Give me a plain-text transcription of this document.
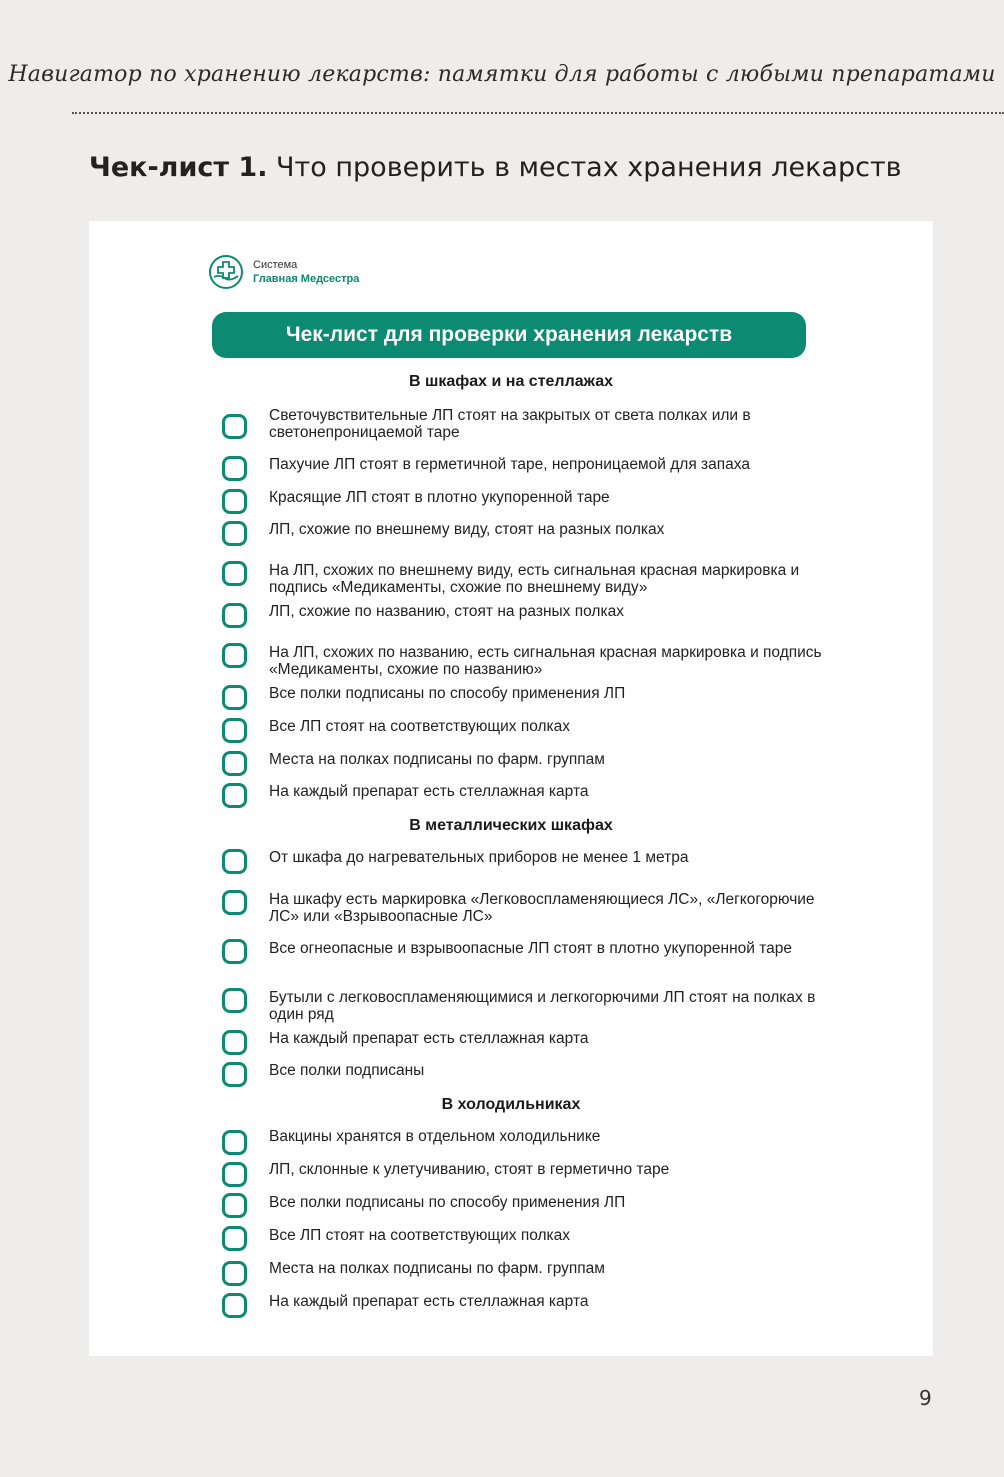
Навигатор по хранению лекарств: памятки для работы с любыми препаратами
Чек-лист 1. Что проверить в местах хранения лекарств
Система
Главная Медсестра
Чек-лист для проверки хранения лекарств
В шкафах и на стеллажах
Светочувствительные ЛП стоят на закрытых от света полках или в светонепроницаемой таре
Пахучие ЛП стоят в герметичной таре, непроницаемой для запаха
Красящие ЛП стоят в плотно укупоренной таре
ЛП, схожие по внешнему виду, стоят на разных полках
На ЛП, схожих по внешнему виду, есть сигнальная красная маркировка и подпись «Медикаменты, схожие по внешнему виду»
ЛП, схожие по названию, стоят на разных полках
На ЛП, схожих по названию, есть сигнальная красная маркировка и подпись «Медикаменты, схожие по названию»
Все полки подписаны по способу применения ЛП
Все ЛП стоят на соответствующих полках
Места на полках подписаны по фарм. группам
На каждый препарат есть стеллажная карта
В металлических шкафах
От шкафа до нагревательных приборов не менее 1 метра
На шкафу есть маркировка «Легковоспламеняющиеся ЛС», «Легкогорючие ЛС» или «Взрывоопасные ЛС»
Все огнеопасные и взрывоопасные ЛП стоят в плотно укупоренной таре
Бутыли с легковоспламеняющимися и легкогорючими ЛП стоят на полках в один ряд
На каждый препарат есть стеллажная карта
Все полки подписаны
В холодильниках
Вакцины хранятся в отдельном холодильнике
ЛП, склонные к улетучиванию, стоят в герметично таре
Все полки подписаны по способу применения ЛП
Все ЛП стоят на соответствующих полках
Места на полках подписаны по фарм. группам
На каждый препарат есть стеллажная карта
9
